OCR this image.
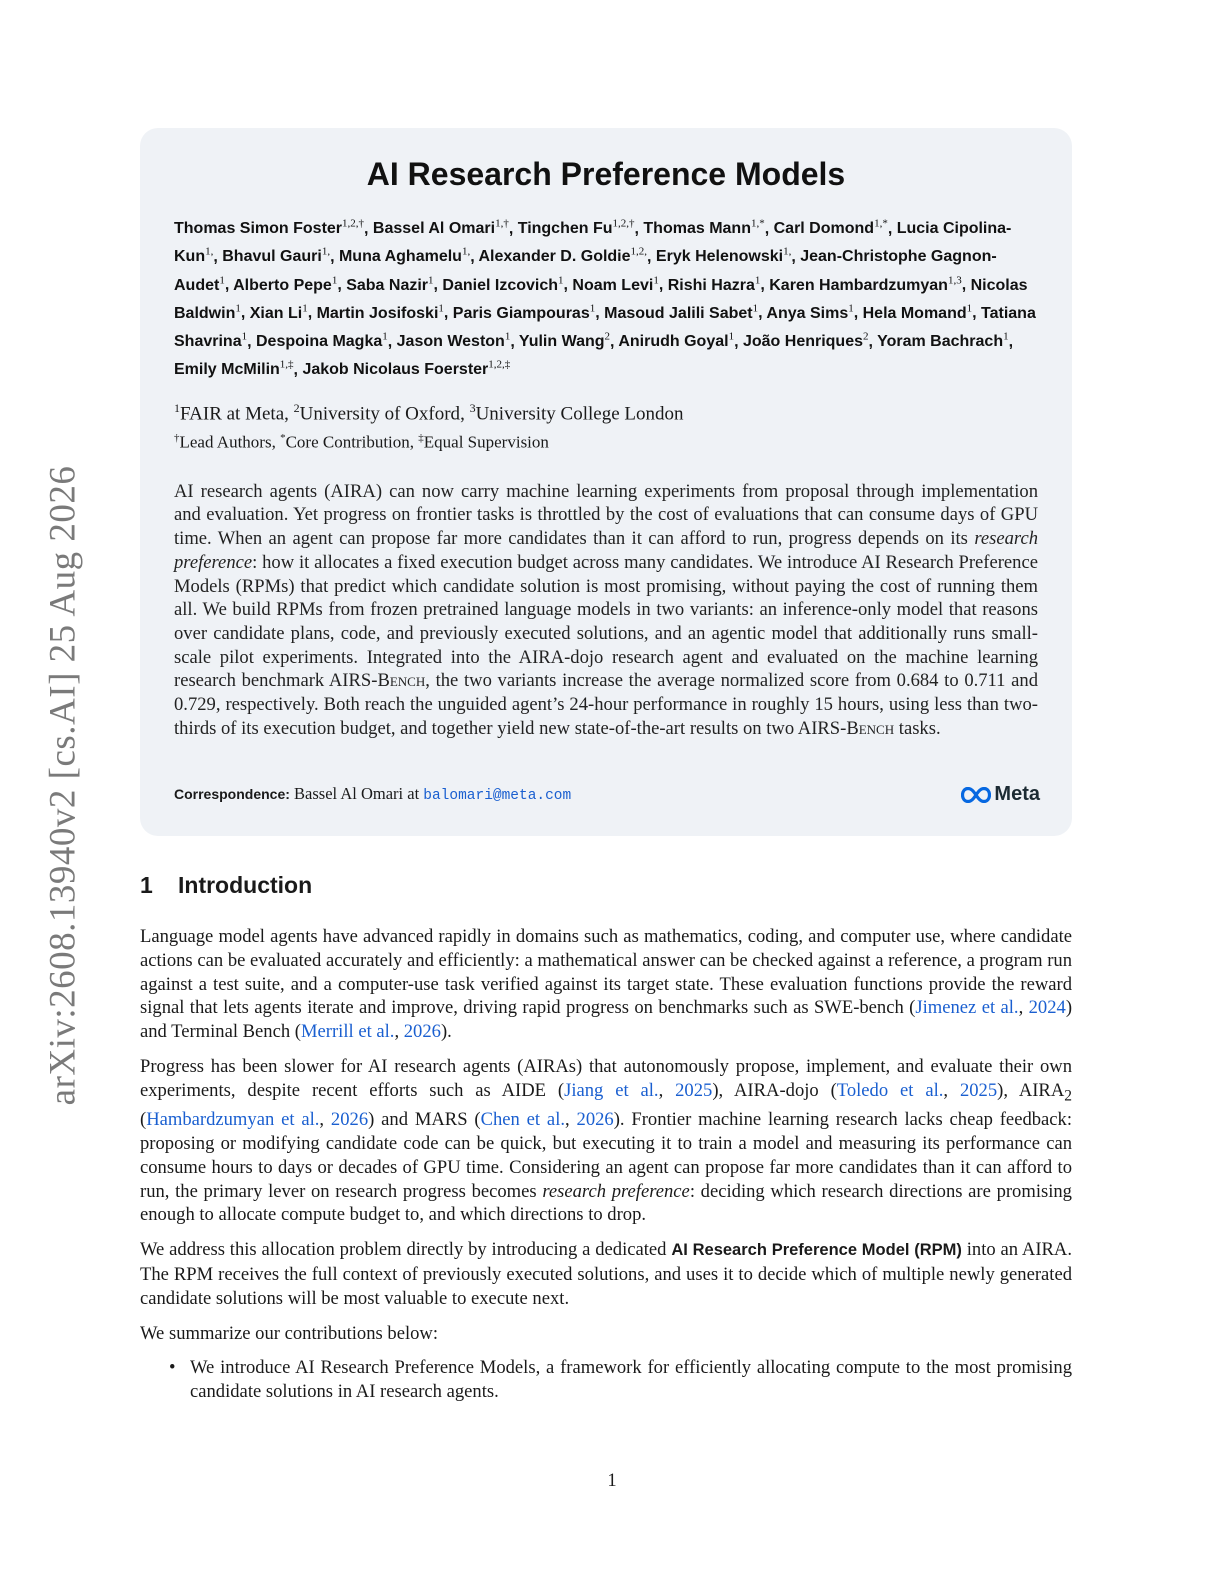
arXiv:2608.13940v2 [cs.AI] 25 Aug 2026
AI Research Preference Models
Thomas Simon Foster$^{1,2,\dagger}$, Bassel Al Omari$^{1,\dagger}$, Tingchen $Fu^{1,2,\dagger}$, Thomas Mann$^{1,*}$, Carl Domond$^{1,*}$, Lucia Cipolina-Kun$^{1,}$, Bhavul Gauri$^{1,}$, Muna Aghamelu$^{1,}$, Alexander D. Goldie$^{1,2,}$, Eryk Helenowski$^{1,}$, Jean-Christophe Gagnon-Audet$^1$, Alberto Pepe$^1$, Saba Nazir$^1$, Daniel Izcovich$^1$, Noam Levi$^1$, Rishi Hazra$^1$, Karen Hambardzumyan$^{1,3}$, Nicolas Baldwin$^1$, Xian Li$^1$, Martin Josifoski$^1$, Paris Giampouras$^1$, Masoud Jalili Sabet$^1$, Anya Sims$^1$, Hela Momand$^1$, Tatiana Shavrina$^1$, Despoina Magka$^1$, Jason Weston$^1$, Yulin Wang$^2$, Anirudh Goyal$^1$, João Henriques$^2$, Yoram Bachrach$^1$, Emily McMilin$^{1,\ddagger}$, Jakob Nicolaus Foerster$^{1,2,\ddagger}$
$^1$FAIR at Meta, $^2$University of Oxford, $^3$University College London
†Lead Authors, *Core Contribution, ‡Equal Supervision
AI research agents (AIRA) can now carry machine learning experiments from proposal through implementation and evaluation. Yet progress on frontier tasks is throttled by the cost of evaluations that can consume days of GPU time. When an agent can propose far more candidates than it can afford to run, progress depends on its research preference: how it allocates a fixed execution budget across many candidates. We introduce AI Research Preference Models (RPMs) that predict which candidate solution is most promising, without paying the cost of running them all. We build RPMs from frozen pretrained language models in two variants: an inference-only model that reasons over candidate plans, code, and previously executed solutions, and an agentic model that additionally runs small-scale pilot experiments. Integrated into the AIRA-dojo research agent and evaluated on the machine learning research benchmark AIRS-Bench, the two variants increase the average normalized score from 0.684 to 0.711 and 0.729, respectively. Both reach the unguided agent’s 24-hour performance in roughly 15 hours, using less than two-thirds of its execution budget, and together yield new state-of-the-art results on two AIRS-Bench tasks.
Correspondence: Bassel Al Omari at balomari@meta.com	Meta
1 Introduction

Language model agents have advanced rapidly in domains such as mathematics, coding, and computer use, where candidate actions can be evaluated accurately and efficiently: a mathematical answer can be checked against a reference, a program run against a test suite, and a computer-use task verified against its target state. These evaluation functions provide the reward signal that lets agents iterate and improve, driving rapid progress on benchmarks such as SWE-bench (Jimenez et al., 2024) and Terminal Bench (Merrill et al., 2026).

Progress has been slower for AI research agents (AIRAs) that autonomously propose, implement, and evaluate their own experiments, despite recent efforts such as AIDE (Jiang et al., 2025), AIRA-dojo (Toledo et al., 2025), $AIRA_2$ (Hambardzumyan et al., 2026) and MARS (Chen et al., 2026). Frontier machine learning research lacks cheap feedback: proposing or modifying candidate code can be quick, but executing it to train a model and measuring its performance can consume hours to days or decades of GPU time. Considering an agent can propose far more candidates than it can afford to run, the primary lever on research progress becomes research preference: deciding which research directions are promising enough to allocate compute budget to, and which directions to drop.

We address this allocation problem directly by introducing a dedicated AI Research Preference Model (RPM) into an AIRA. The RPM receives the full context of previously executed solutions, and uses it to decide which of multiple newly generated candidate solutions will be most valuable to execute next.

We summarize our contributions below:

• We introduce AI Research Preference Models, a framework for efficiently allocating compute to the most promising candidate solutions in AI research agents.
1
